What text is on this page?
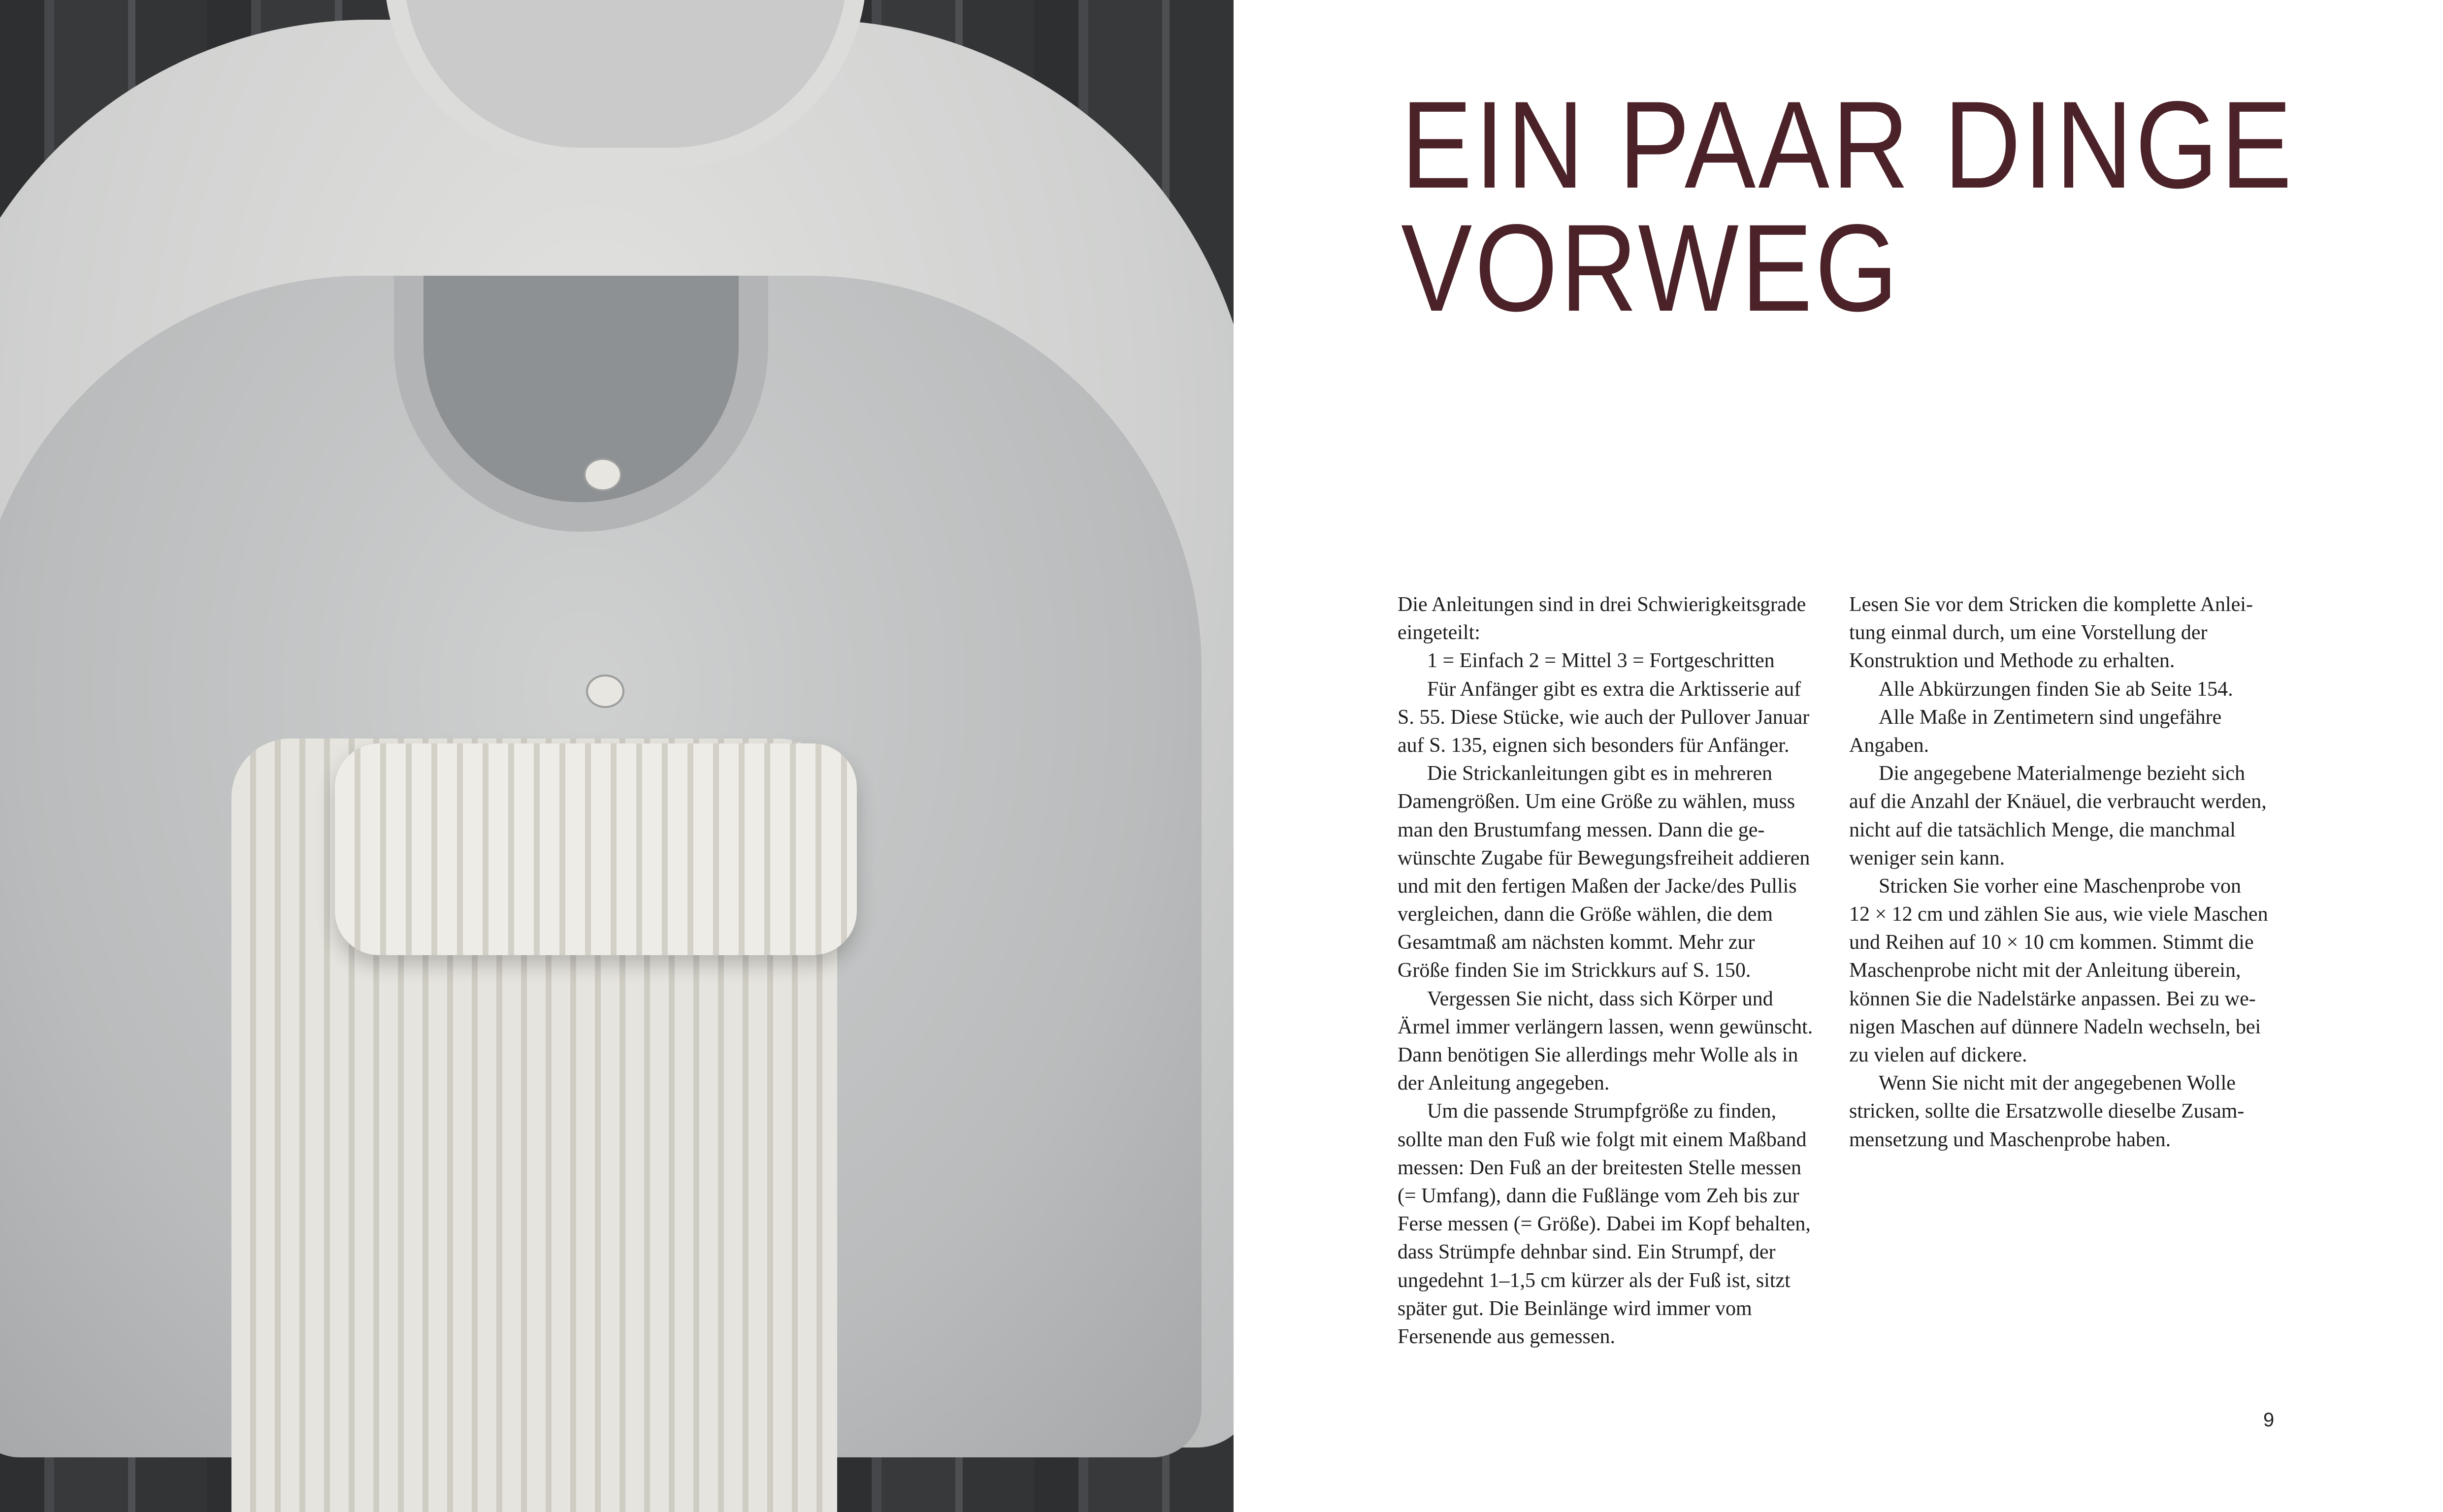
EIN PAAR DINGE
VORWEG
Die Anleitungen sind in drei Schwierigkeitsgrade
eingeteilt:
1 = Einfach 2 = Mittel 3 = Fortgeschritten
Für Anfänger gibt es extra die Arktisserie auf
S. 55. Diese Stücke, wie auch der Pullover Januar
auf S. 135, eignen sich besonders für Anfänger.
Die Strickanleitungen gibt es in mehreren
Damengrößen. Um eine Größe zu wählen, muss
man den Brustumfang messen. Dann die ge-
wünschte Zugabe für Bewegungsfreiheit addieren
und mit den fertigen Maßen der Jacke/des Pullis
vergleichen, dann die Größe wählen, die dem
Gesamtmaß am nächsten kommt. Mehr zur
Größe finden Sie im Strickkurs auf S. 150.
Vergessen Sie nicht, dass sich Körper und
Ärmel immer verlängern lassen, wenn gewünscht.
Dann benötigen Sie allerdings mehr Wolle als in
der Anleitung angegeben.
Um die passende Strumpfgröße zu finden,
sollte man den Fuß wie folgt mit einem Maßband
messen: Den Fuß an der breitesten Stelle messen
(= Umfang), dann die Fußlänge vom Zeh bis zur
Ferse messen (= Größe). Dabei im Kopf behalten,
dass Strümpfe dehnbar sind. Ein Strumpf, der
ungedehnt 1–1,5 cm kürzer als der Fuß ist, sitzt
später gut. Die Beinlänge wird immer vom
Fersenende aus gemessen.
Lesen Sie vor dem Stricken die komplette Anlei-
tung einmal durch, um eine Vorstellung der
Konstruktion und Methode zu erhalten.
Alle Abkürzungen finden Sie ab Seite 154.
Alle Maße in Zentimetern sind ungefähre
Angaben.
Die angegebene Materialmenge bezieht sich
auf die Anzahl der Knäuel, die verbraucht werden,
nicht auf die tatsächlich Menge, die manchmal
weniger sein kann.
Stricken Sie vorher eine Maschenprobe von
12 × 12 cm und zählen Sie aus, wie viele Maschen
und Reihen auf 10 × 10 cm kommen. Stimmt die
Maschenprobe nicht mit der Anleitung überein,
können Sie die Nadelstärke anpassen. Bei zu we-
nigen Maschen auf dünnere Nadeln wechseln, bei
zu vielen auf dickere.
Wenn Sie nicht mit der angegebenen Wolle
stricken, sollte die Ersatzwolle dieselbe Zusam-
mensetzung und Maschenprobe haben.
9
